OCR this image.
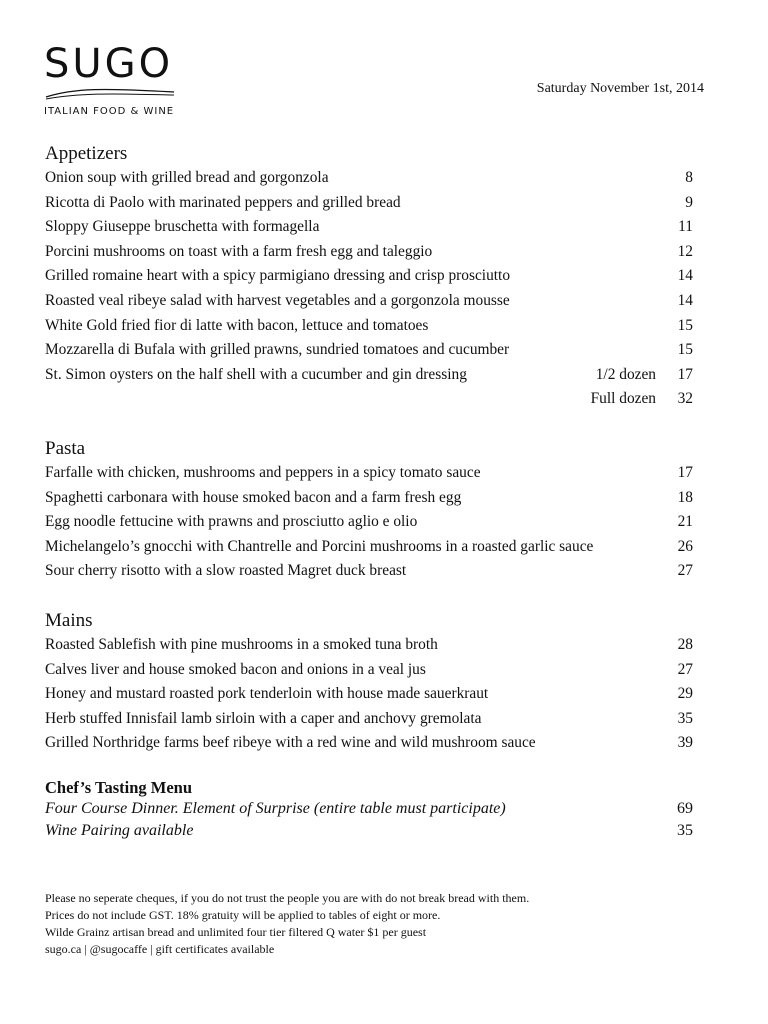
SUGO
ITALIAN FOOD & WINE
Saturday November 1st, 2014
Appetizers
Onion soup with grilled bread and gorgonzola	8
Ricotta di Paolo with marinated peppers and grilled bread	9
Sloppy Giuseppe bruschetta with formagella	11
Porcini mushrooms on toast with a farm fresh egg and taleggio	12
Grilled romaine heart with a spicy parmigiano dressing and crisp prosciutto	14
Roasted veal ribeye salad with harvest vegetables and a gorgonzola mousse	14
White Gold fried fior di latte with bacon, lettuce and tomatoes	15
Mozzarella di Bufala with grilled prawns, sundried tomatoes and cucumber	15
St. Simon oysters on the half shell with a cucumber and gin dressing	1/2 dozen 17
Full dozen 32
Pasta
Farfalle with chicken, mushrooms and peppers in a spicy tomato sauce	17
Spaghetti carbonara with house smoked bacon and a farm fresh egg	18
Egg noodle fettucine with prawns and prosciutto aglio e olio	21
Michelangelo’s gnocchi with Chantrelle and Porcini mushrooms in a roasted garlic sauce	26
Sour cherry risotto with a slow roasted Magret duck breast	27
Mains
Roasted Sablefish with pine mushrooms in a smoked tuna broth	28
Calves liver and house smoked bacon and onions in a veal jus	27
Honey and mustard roasted pork tenderloin with house made sauerkraut	29
Herb stuffed Innisfail lamb sirloin with a caper and anchovy gremolata	35
Grilled Northridge farms beef ribeye with a red wine and wild mushroom sauce	39
Chef’s Tasting Menu
Four Course Dinner. Element of Surprise (entire table must participate)	69
Wine Pairing available	35
Please no seperate cheques, if you do not trust the people you are with do not break bread with them.
Prices do not include GST. 18% gratuity will be applied to tables of eight or more.
Wilde Grainz artisan bread and unlimited four tier filtered Q water $1 per guest
sugo.ca | @sugocaffe | gift certificates available
